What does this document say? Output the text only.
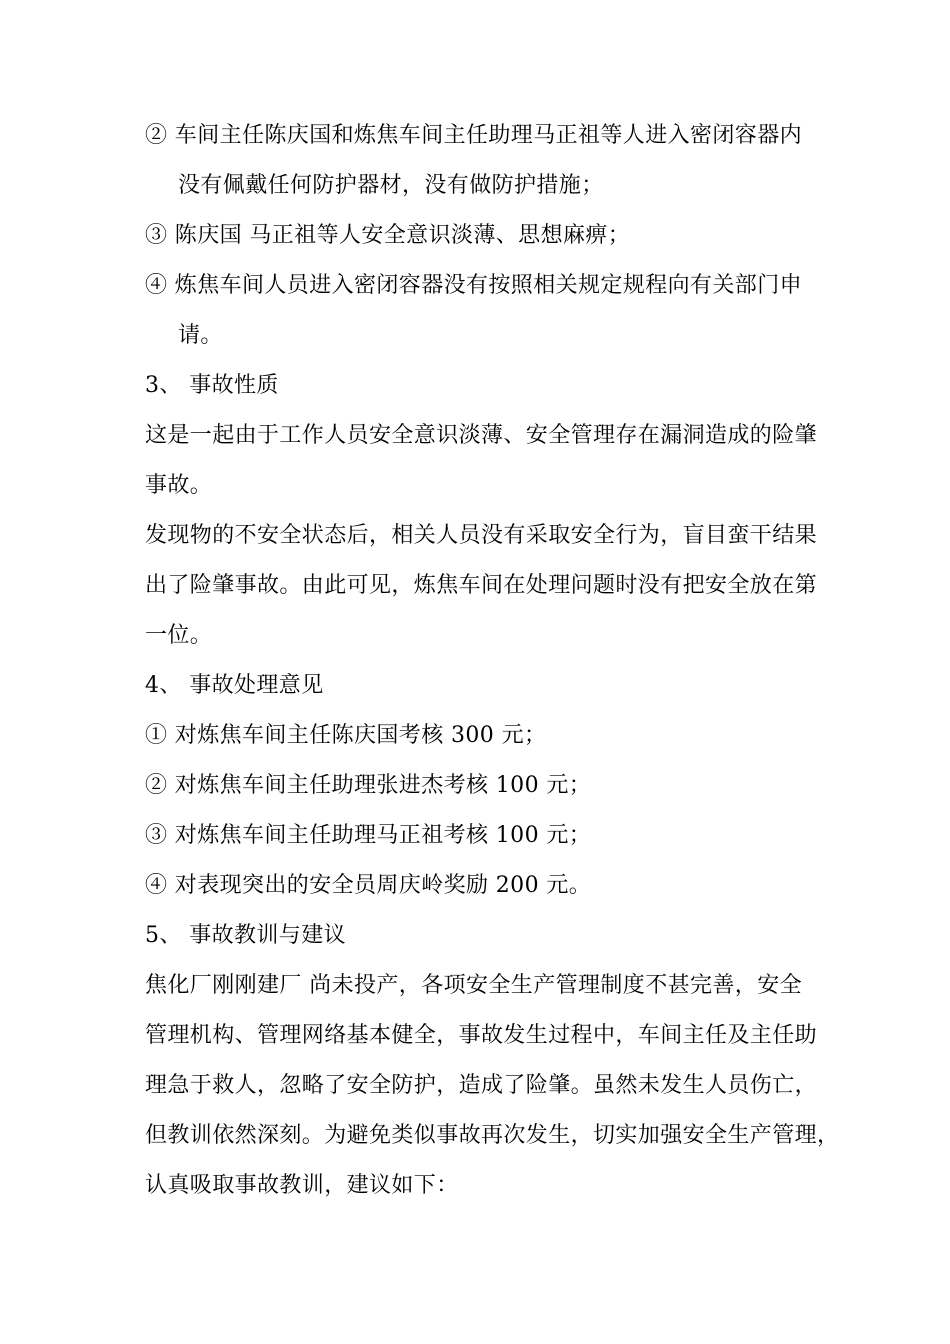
② 车间主任陈庆国和炼焦车间主任助理马正祖等人进入密闭容器内
没有佩戴任何防护器材，没有做防护措施；
③ 陈庆国 马正祖等人安全意识淡薄、思想麻痹；
④ 炼焦车间人员进入密闭容器没有按照相关规定规程向有关部门申
请。
3、 事故性质
这是一起由于工作人员安全意识淡薄、安全管理存在漏洞造成的险肇
事故。
发现物的不安全状态后，相关人员没有采取安全行为，盲目蛮干结果
出了险肇事故。由此可见，炼焦车间在处理问题时没有把安全放在第
一位。
4、 事故处理意见
① 对炼焦车间主任陈庆国考核 300 元；
② 对炼焦车间主任助理张进杰考核 100 元；
③ 对炼焦车间主任助理马正祖考核 100 元；
④ 对表现突出的安全员周庆岭奖励 200 元。
5、 事故教训与建议
焦化厂刚刚建厂 尚未投产，各项安全生产管理制度不甚完善，安全
管理机构、管理网络基本健全，事故发生过程中，车间主任及主任助
理急于救人，忽略了安全防护，造成了险肇。虽然未发生人员伤亡，
但教训依然深刻。为避免类似事故再次发生，切实加强安全生产管理，
认真吸取事故教训，建议如下：
